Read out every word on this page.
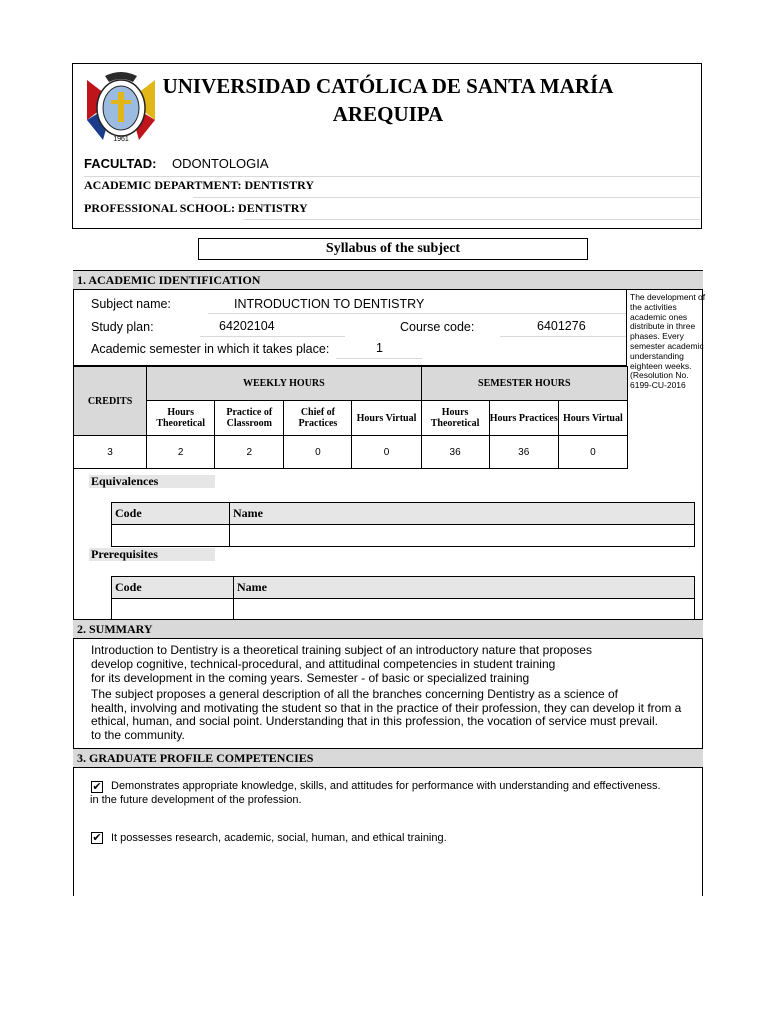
1961
UNIVERSIDAD CATÓLICA DE SANTA MARÍA
AREQUIPA
FACULTAD: ODONTOLOGIA
ACADEMIC DEPARTMENT: DENTISTRY
PROFESSIONAL SCHOOL: DENTISTRY
Syllabus of the subject
1. ACADEMIC IDENTIFICATION
Subject name:	INTRODUCTION TO DENTISTRY
Study plan:	64202104	Course code:	6401276
Academic semester in which it takes place:	1
The development of the activities academic ones distribute in three phases. Every semester academic understanding eighteen weeks. (Resolution No. 6199-CU-2016
CREDITS	WEEKLY HOURS				SEMESTER HOURS		
	Hours Theoretical	Practice of Classroom	Chief of Practices	Hours Virtual	Hours Theoretical	Hours Practices	Hours Virtual
3	2	2	0	0	36	36	0
Equivalences
Code	Name

Prerequisites
Code	Name

2. SUMMARY
Introduction to Dentistry is a theoretical training subject of an introductory nature that proposes
develop cognitive, technical-procedural, and attitudinal competencies in student training
for its development in the coming years. Semester - of basic or specialized training
The subject proposes a general description of all the branches concerning Dentistry as a science of
health, involving and motivating the student so that in the practice of their profession, they can develop it from a
ethical, human, and social point. Understanding that in this profession, the vocation of service must prevail.
to the community.
3. GRADUATE PROFILE COMPETENCIES
✔ Demonstrates appropriate knowledge, skills, and attitudes for performance with understanding and effectiveness.
in the future development of the profession.
✔ It possesses research, academic, social, human, and ethical training.
